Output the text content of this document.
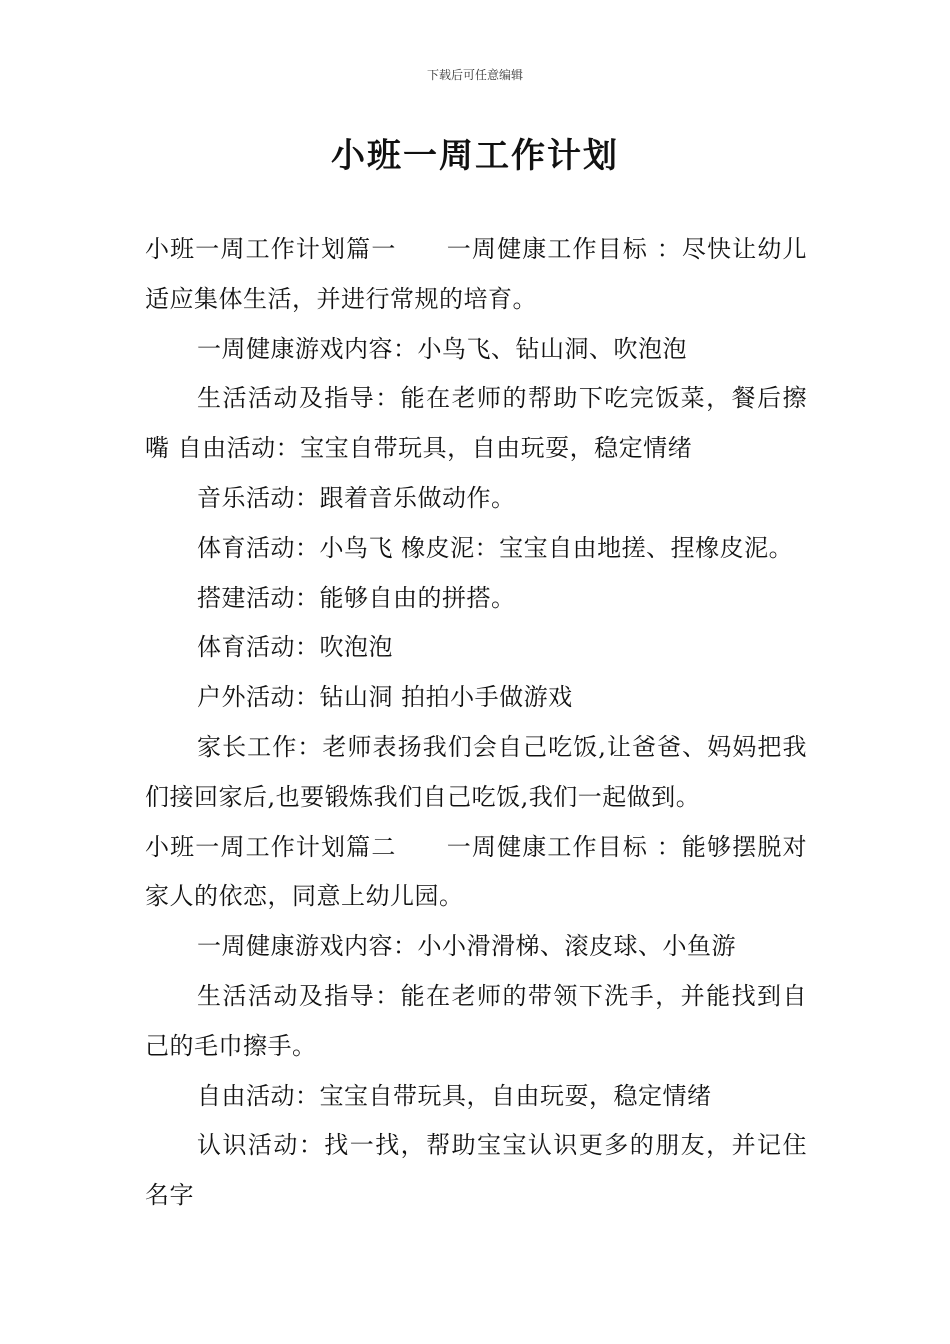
下载后可任意编辑
小班一周工作计划

小班一周工作计划篇一　　一周健康工作目标 ：尽快让幼儿适应集体生活，并进行常规的培育。

一周健康游戏内容：小鸟飞、钻山洞、吹泡泡

生活活动及指导：能在老师的帮助下吃完饭菜，餐后擦嘴 自由活动：宝宝自带玩具，自由玩耍，稳定情绪

音乐活动：跟着音乐做动作。

体育活动：小鸟飞 橡皮泥：宝宝自由地搓、捏橡皮泥。

搭建活动：能够自由的拼搭。

体育活动：吹泡泡

户外活动：钻山洞 拍拍小手做游戏

家长工作：老师表扬我们会自己吃饭,让爸爸、妈妈把我们接回家后,也要锻炼我们自己吃饭,我们一起做到。

小班一周工作计划篇二　　一周健康工作目标 ：能够摆脱对家人的依恋，同意上幼儿园。

一周健康游戏内容：小小滑滑梯、滚皮球、小鱼游

生活活动及指导：能在老师的带领下洗手，并能找到自己的毛巾擦手。

自由活动：宝宝自带玩具，自由玩耍，稳定情绪

认识活动：找一找，帮助宝宝认识更多的朋友，并记住名字
